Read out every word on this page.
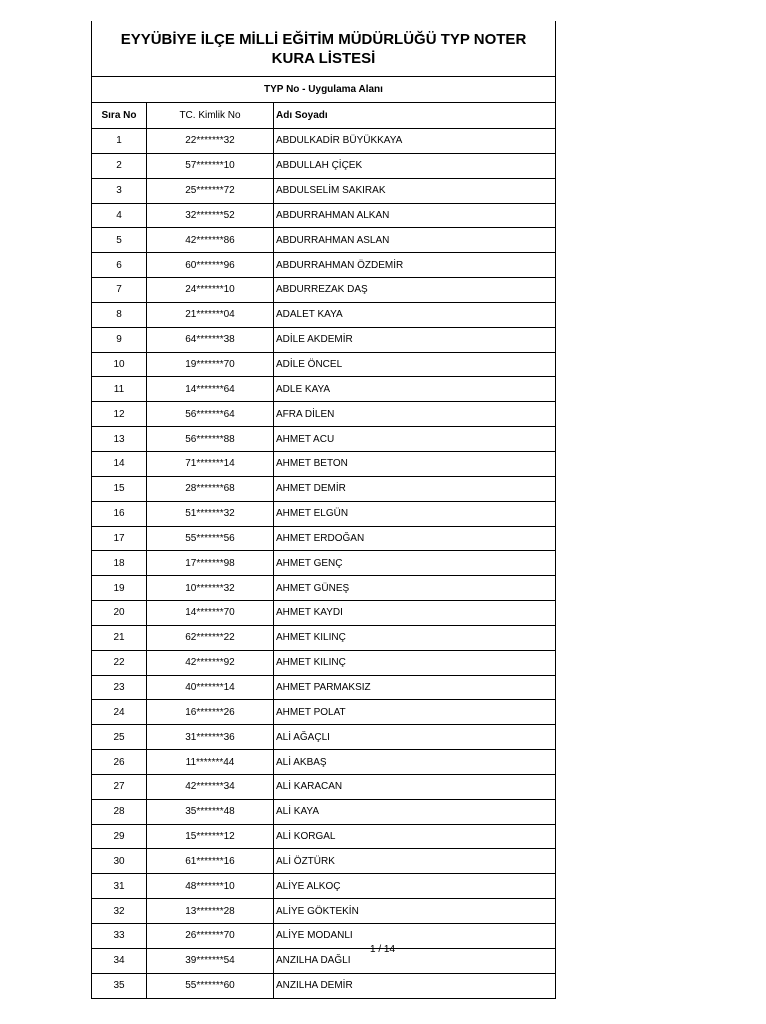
EYYÜBİYE İLÇE MİLLİ EĞİTİM MÜDÜRLÜĞÜ TYP NOTER
KURA LİSTESİ

TYP No - Uygulama Alanı		
Sıra No	TC. Kimlik No	Adı Soyadı
1	22*******32	ABDULKADİR BÜYÜKKAYA
2	57*******10	ABDULLAH ÇİÇEK
3	25*******72	ABDULSELİM SAKIRAK
4	32*******52	ABDURRAHMAN ALKAN
5	42*******86	ABDURRAHMAN ASLAN
6	60*******96	ABDURRAHMAN ÖZDEMİR
7	24*******10	ABDURREZAK DAŞ
8	21*******04	ADALET KAYA
9	64*******38	ADİLE AKDEMİR
10	19*******70	ADİLE ÖNCEL
11	14*******64	ADLE KAYA
12	56*******64	AFRA DİLEN
13	56*******88	AHMET ACU
14	71*******14	AHMET BETON
15	28*******68	AHMET DEMİR
16	51*******32	AHMET ELGÜN
17	55*******56	AHMET ERDOĞAN
18	17*******98	AHMET GENÇ
19	10*******32	AHMET GÜNEŞ
20	14*******70	AHMET KAYDI
21	62*******22	AHMET KILINÇ
22	42*******92	AHMET KILINÇ
23	40*******14	AHMET PARMAKSIZ
24	16*******26	AHMET POLAT
25	31*******36	ALİ AĞAÇLI
26	11*******44	ALİ AKBAŞ
27	42*******34	ALİ KARACAN
28	35*******48	ALİ KAYA
29	15*******12	ALİ KORGAL
30	61*******16	ALİ ÖZTÜRK
31	48*******10	ALİYE ALKOÇ
32	13*******28	ALİYE GÖKTEKİN
33	26*******70	ALİYE MODANLI
34	39*******54	ANZILHA DAĞLI
35	55*******60	ANZILHA DEMİR
1 / 14
